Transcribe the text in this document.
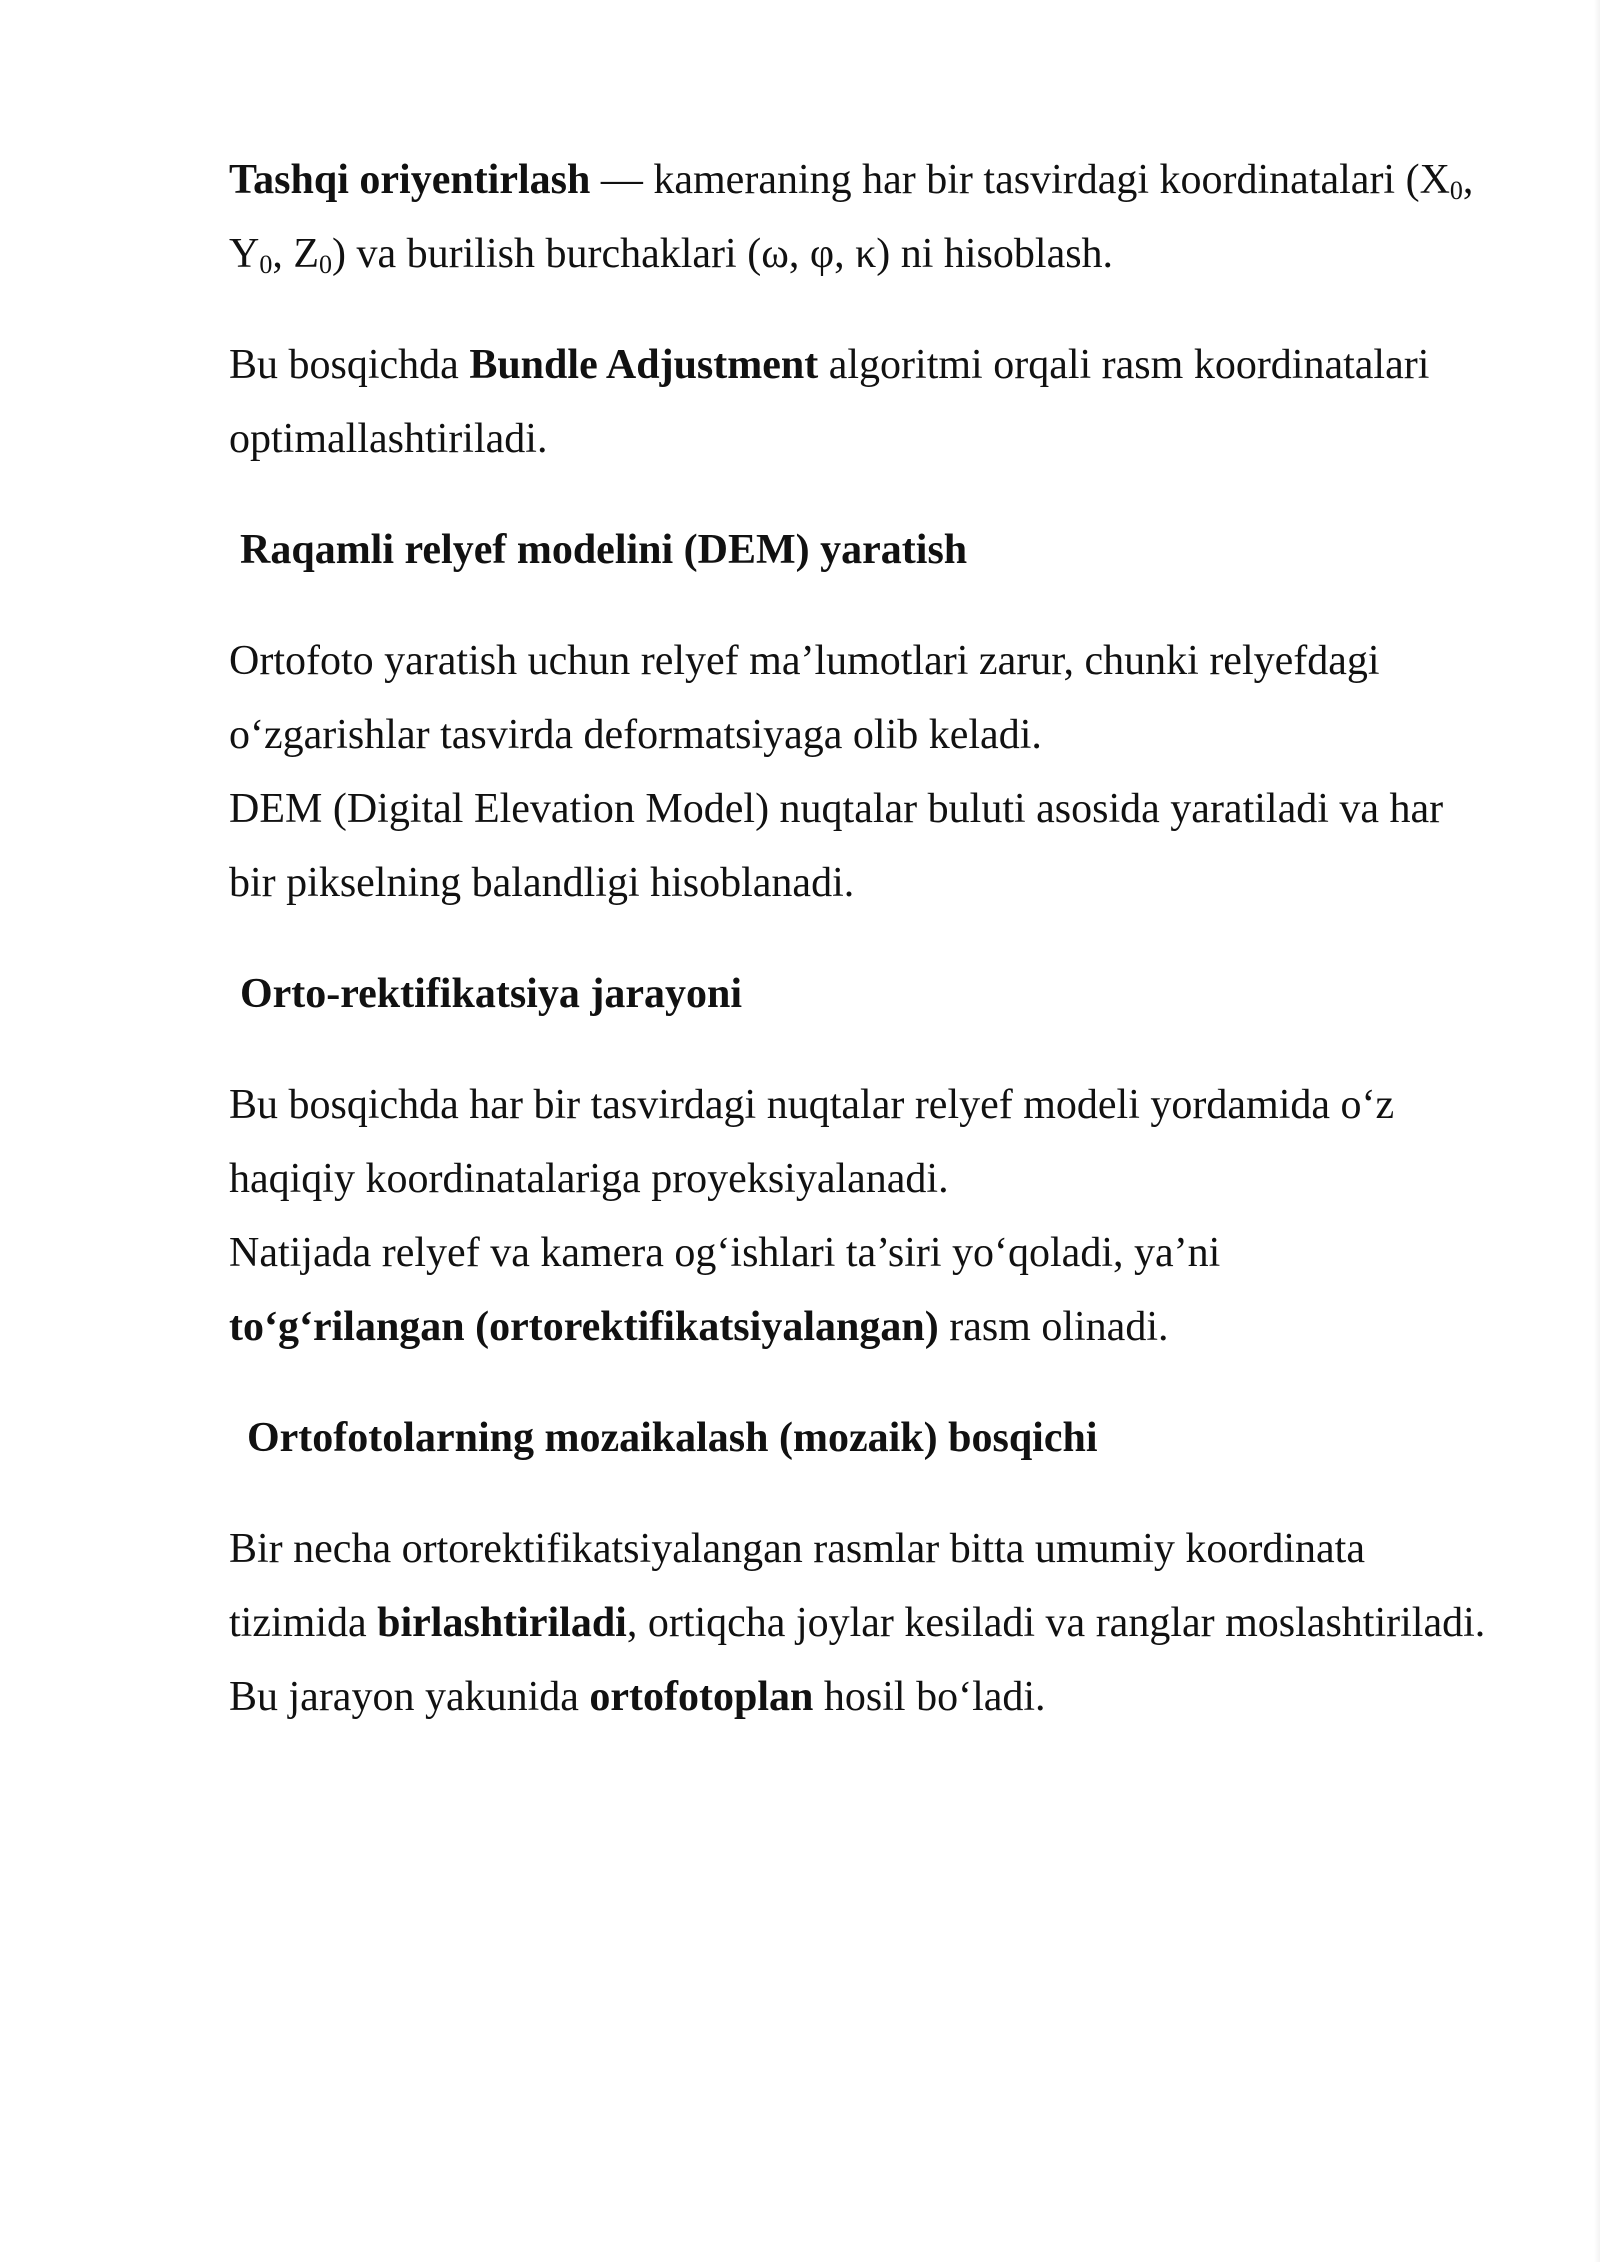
Tashqi oriyentirlash — kameraning har bir tasvirdagi koordinatalari ($X_0$, $Y_0$, $Z_0$) va burilish burchaklari (ω, φ, κ) ni hisoblash.

Bu bosqichda Bundle Adjustment algoritmi orqali rasm koordinatalari optimallashtiriladi.

Raqamli relyef modelini (DEM) yaratish

Ortofoto yaratish uchun relyef ma’lumotlari zarur, chunki relyefdagi o‘zgarishlar tasvirda deformatsiyaga olib keladi.

DEM (Digital Elevation Model) nuqtalar buluti asosida yaratiladi va har bir pikselning balandligi hisoblanadi.

Orto-rektifikatsiya jarayoni

Bu bosqichda har bir tasvirdagi nuqtalar relyef modeli yordamida o‘z haqiqiy koordinatalariga proyeksiyalanadi.

Natijada relyef va kamera og‘ishlari ta’siri yo‘qoladi, ya’ni

to‘g‘rilangan (ortorektifikatsiyalangan) rasm olinadi.

Ortofotolarning mozaikalash (mozaik) bosqichi

Bir necha ortorektifikatsiyalangan rasmlar bitta umumiy koordinata tizimida birlashtiriladi, ortiqcha joylar kesiladi va ranglar moslashtiriladi.

Bu jarayon yakunida ortofotoplan hosil bo‘ladi.
